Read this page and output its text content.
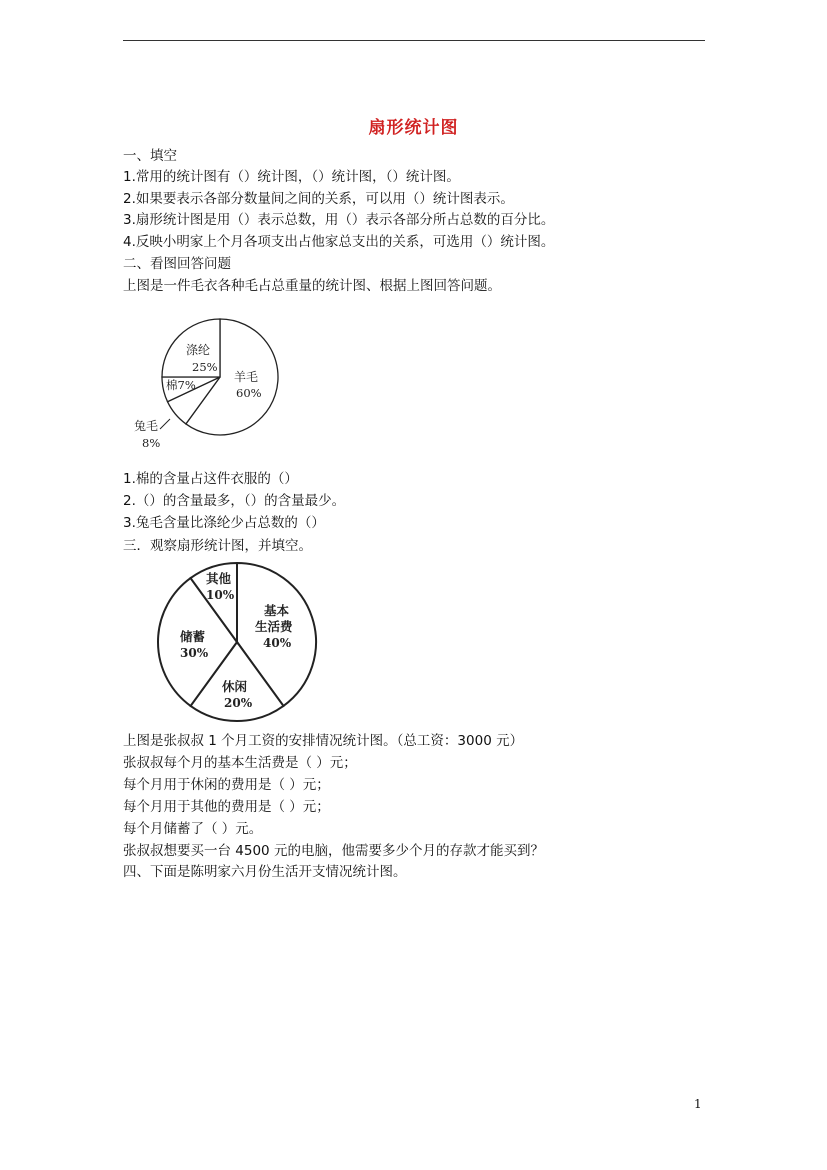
扇形统计图
一、填空
1.常用的统计图有（）统计图，（）统计图，（）统计图。
2.如果要表示各部分数量间之间的关系，可以用（）统计图表示。
3.扇形统计图是用（）表示总数，用（）表示各部分所占总数的百分比。
4.反映小明家上个月各项支出占他家总支出的关系，可选用（）统计图。
二、看图回答问题
上图是一件毛衣各种毛占总重量的统计图、根据上图回答问题。
涤纶
25%
羊毛
60%
棉7%
兔毛
8%
1.棉的含量占这件衣服的（）
2.（）的含量最多，（）的含量最少。
3.兔毛含量比涤纶少占总数的（）
三．观察扇形统计图，并填空。
其他
10%
基本
生活费
40%
储蓄
30%
休闲
20%
上图是张叔叔 1 个月工资的安排情况统计图。（总工资：3000 元）
张叔叔每个月的基本生活费是（ ）元；
每个月用于休闲的费用是（ ）元；
每个月用于其他的费用是（ ）元；
每个月储蓄了（ ）元。
张叔叔想要买一台 4500 元的电脑，他需要多少个月的存款才能买到？
四、下面是陈明家六月份生活开支情况统计图。
1
